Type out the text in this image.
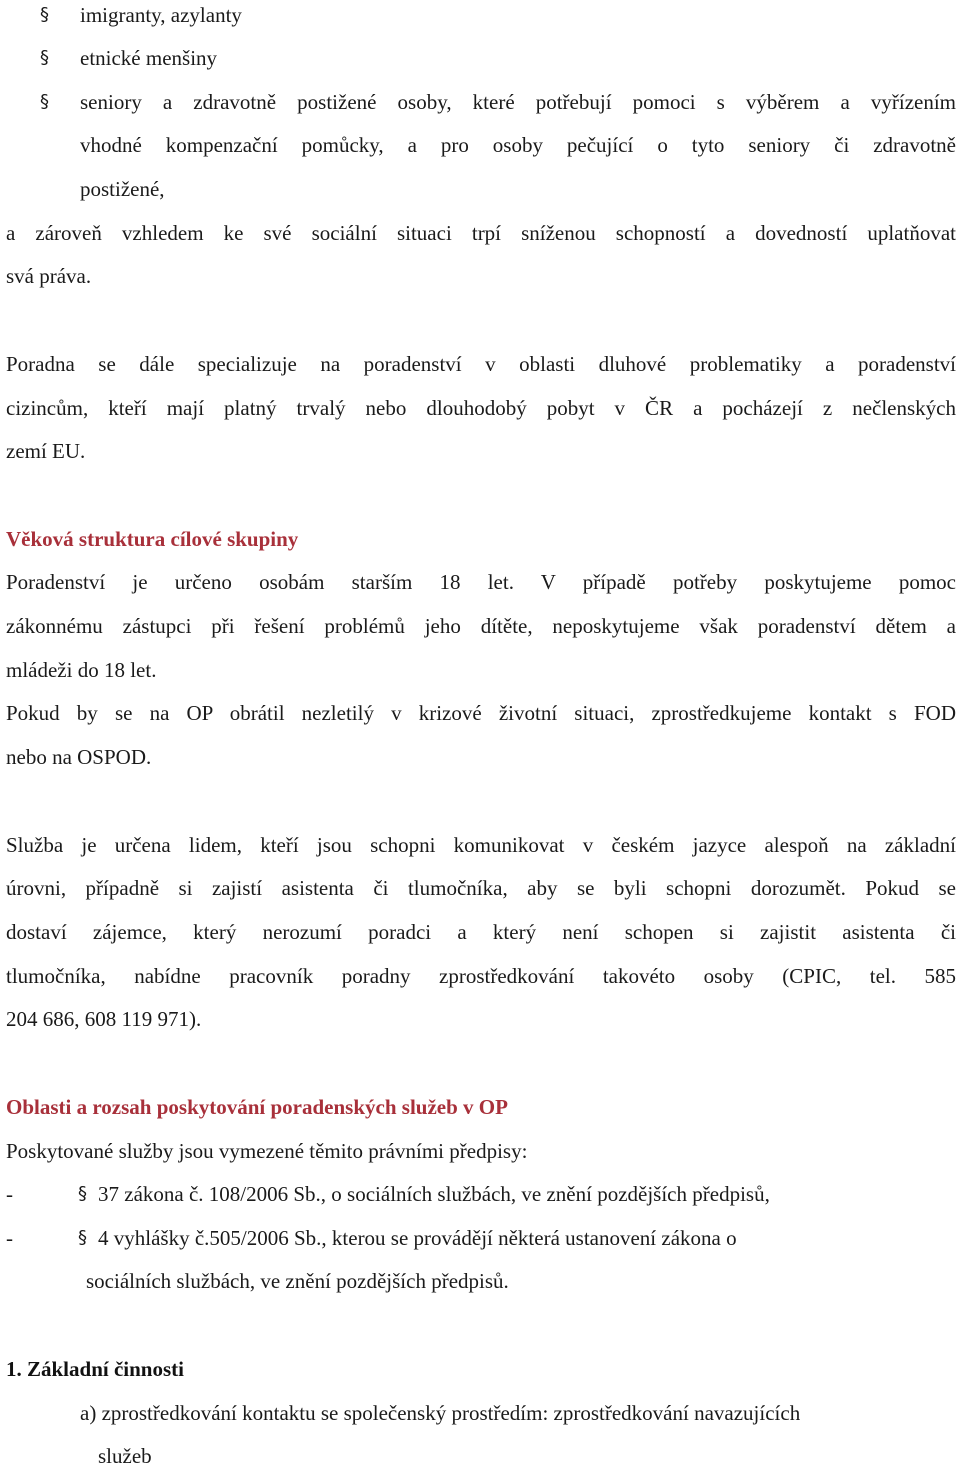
§	imigranty, azylanty
§	etnické menšiny
§	seniory a zdravotně postižené osoby, které potřebují pomoci s výběrem a vyřízením
vhodné kompenzační pomůcky, a pro osoby pečující o tyto seniory či zdravotně
postižené,
a zároveň vzhledem ke své sociální situaci trpí sníženou schopností a dovedností uplatňovat
svá práva.
Poradna se dále specializuje na poradenství v oblasti dluhové problematiky a poradenství
cizincům, kteří mají platný trvalý nebo dlouhodobý pobyt v ČR a pocházejí z nečlenských
zemí EU.
Věková struktura cílové skupiny
Poradenství je určeno osobám starším 18 let. V případě potřeby poskytujeme pomoc
zákonnému zástupci při řešení problémů jeho dítěte, neposkytujeme však poradenství dětem a
mládeži do 18 let.
Pokud by se na OP obrátil nezletilý v krizové životní situaci, zprostředkujeme kontakt s FOD
nebo na OSPOD.
Služba je určena lidem, kteří jsou schopni komunikovat v českém jazyce alespoň na základní
úrovni, případně si zajistí asistenta či tlumočníka, aby se byli schopni dorozumět. Pokud se
dostaví zájemce, který nerozumí poradci a který není schopen si zajistit asistenta či
tlumočníka, nabídne pracovník poradny zprostředkování takovéto osoby (CPIC, tel. 585
204 686, 608 119 971).
Oblasti a rozsah poskytování poradenských služeb v OP
Poskytované služby jsou vymezené těmito právními předpisy:
-	§ 37 zákona č. 108/2006 Sb., o sociálních službách, ve znění pozdějších předpisů,
-	§ 4 vyhlášky č.505/2006 Sb., kterou se provádějí některá ustanovení zákona o
sociálních službách, ve znění pozdějších předpisů.
1. Základní činnosti
a) zprostředkování kontaktu se společenský prostředím: zprostředkování navazujících
služeb
